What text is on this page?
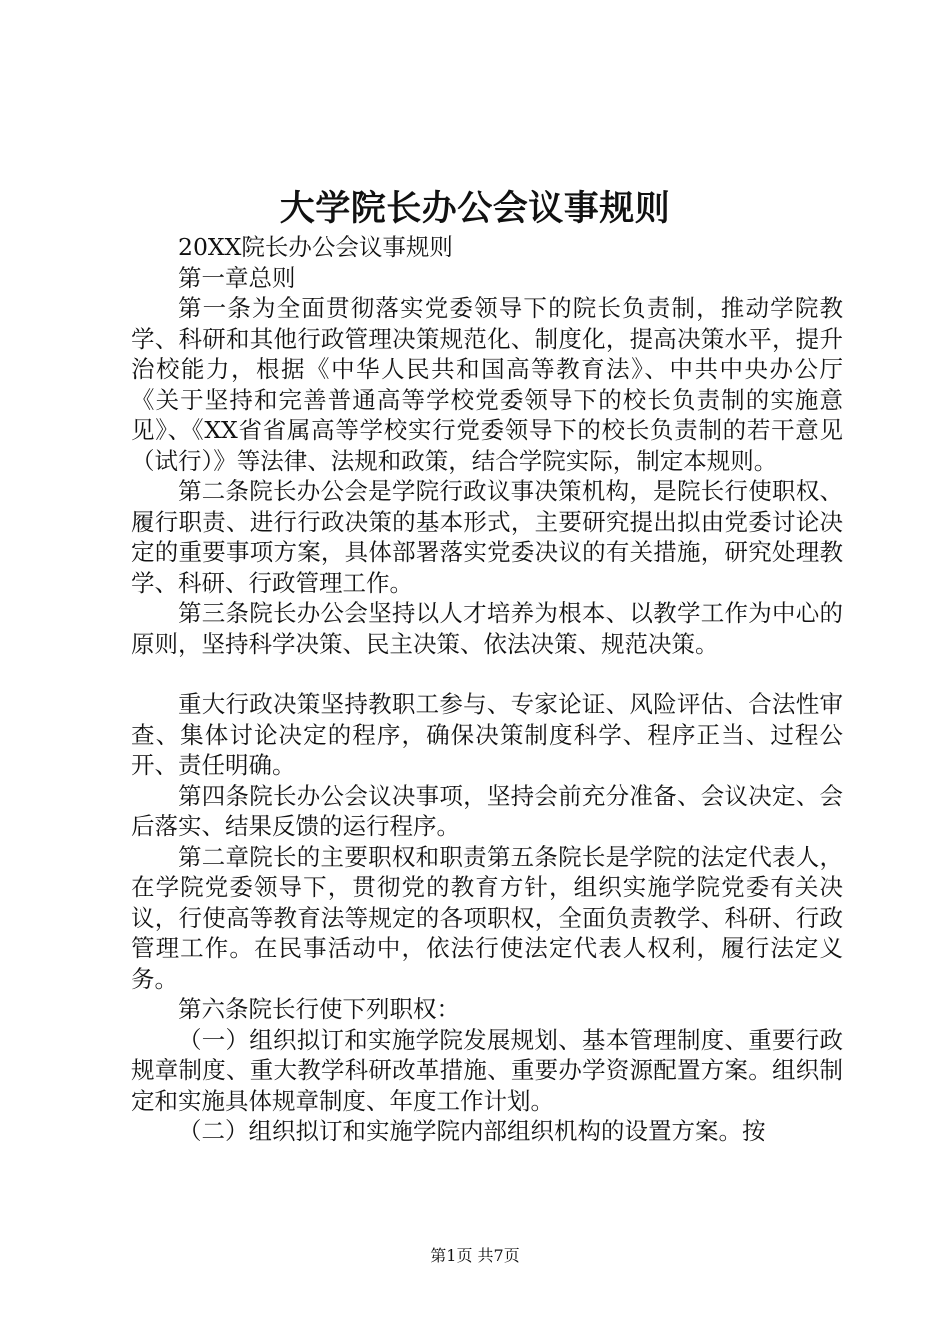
大学院长办公会议事规则

20XX院长办公会议事规则

第一章总则

第一条为全面贯彻落实党委领导下的院长负责制，推动学院教学、科研和其他行政管理决策规范化、制度化，提高决策水平，提升治校能力，根据《中华人民共和国高等教育法》、中共中央办公厅《关于坚持和完善普通高等学校党委领导下的校长负责制的实施意见》、《XX省省属高等学校实行党委领导下的校长负责制的若干意见（试行）》等法律、法规和政策，结合学院实际，制定本规则。

第二条院长办公会是学院行政议事决策机构，是院长行使职权、履行职责、进行行政决策的基本形式，主要研究提出拟由党委讨论决定的重要事项方案，具体部署落实党委决议的有关措施，研究处理教学、科研、行政管理工作。

第三条院长办公会坚持以人才培养为根本、以教学工作为中心的原则，坚持科学决策、民主决策、依法决策、规范决策。

重大行政决策坚持教职工参与、专家论证、风险评估、合法性审查、集体讨论决定的程序，确保决策制度科学、程序正当、过程公开、责任明确。

第四条院长办公会议决事项，坚持会前充分准备、会议决定、会后落实、结果反馈的运行程序。

第二章院长的主要职权和职责第五条院长是学院的法定代表人，在学院党委领导下，贯彻党的教育方针，组织实施学院党委有关决议，行使高等教育法等规定的各项职权，全面负责教学、科研、行政管理工作。在民事活动中，依法行使法定代表人权利，履行法定义务。

第六条院长行使下列职权：

（一）组织拟订和实施学院发展规划、基本管理制度、重要行政规章制度、重大教学科研改革措施、重要办学资源配置方案。组织制定和实施具体规章制度、年度工作计划。

（二）组织拟订和实施学院内部组织机构的设置方案。按

第1页 共7页
